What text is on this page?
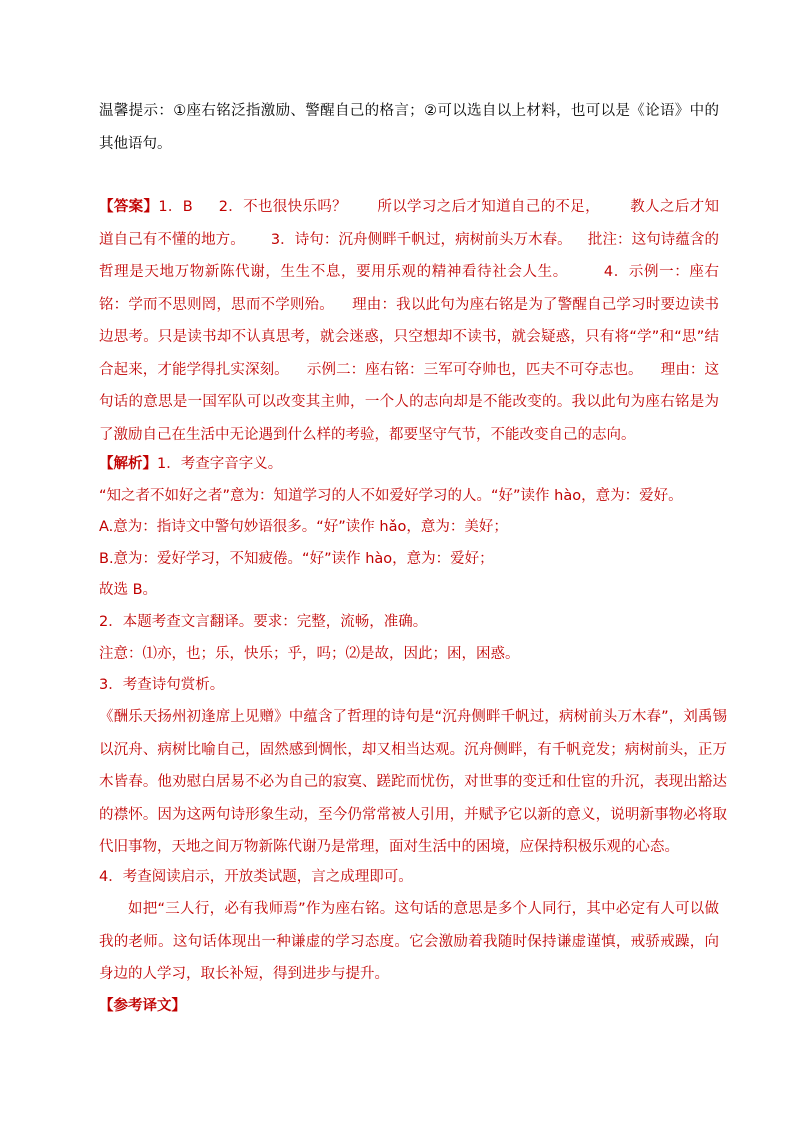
温馨提示：①座右铭泛指激励、警醒自己的格言；②可以选自以上材料，也可以是《论语》中的其他语句。
【答案】1．B 2．不也很快乐吗？ 所以学习之后才知道自己的不足， 教人之后才知道自己有不懂的地方。 3．诗句：沉舟侧畔千帆过，病树前头万木春。 批注：这句诗蕴含的哲理是天地万物新陈代谢，生生不息，要用乐观的精神看待社会人生。 4．示例一：座右铭：学而不思则罔，思而不学则殆。 理由：我以此句为座右铭是为了警醒自己学习时要边读书边思考。只是读书却不认真思考，就会迷惑，只空想却不读书，就会疑惑，只有将“学”和“思”结合起来，才能学得扎实深刻。 示例二：座右铭：三军可夺帅也，匹夫不可夺志也。 理由：这句话的意思是一国军队可以改变其主帅，一个人的志向却是不能改变的。我以此句为座右铭是为了激励自己在生活中无论遇到什么样的考验，都要坚守气节，不能改变自己的志向。
【解析】1．考查字音字义。
“知之者不如好之者”意为：知道学习的人不如爱好学习的人。“好”读作 hào，意为：爱好。
A.意为：指诗文中警句妙语很多。“好”读作 hǎo，意为：美好；
B.意为：爱好学习，不知疲倦。“好”读作 hào，意为：爱好；
故选 B。
2．本题考查文言翻译。要求：完整，流畅，准确。
注意：⑴亦，也；乐，快乐；乎，吗；⑵是故，因此；困，困惑。
3．考查诗句赏析。
《酬乐天扬州初逢席上见赠》中蕴含了哲理的诗句是“沉舟侧畔千帆过，病树前头万木春”，刘禹锡以沉舟、病树比喻自己，固然感到惆怅，却又相当达观。沉舟侧畔，有千帆竞发；病树前头，正万木皆春。他劝慰白居易不必为自己的寂寞、蹉跎而忧伤，对世事的变迁和仕宦的升沉，表现出豁达的襟怀。因为这两句诗形象生动，至今仍常常被人引用，并赋予它以新的意义，说明新事物必将取代旧事物，天地之间万物新陈代谢乃是常理，面对生活中的困境，应保持积极乐观的心态。
4．考查阅读启示，开放类试题，言之成理即可。
如把“三人行，必有我师焉”作为座右铭。这句话的意思是多个人同行，其中必定有人可以做我的老师。这句话体现出一种谦虚的学习态度。它会激励着我随时保持谦虚谨慎，戒骄戒躁，向身边的人学习，取长补短，得到进步与提升。
【参考译文】
